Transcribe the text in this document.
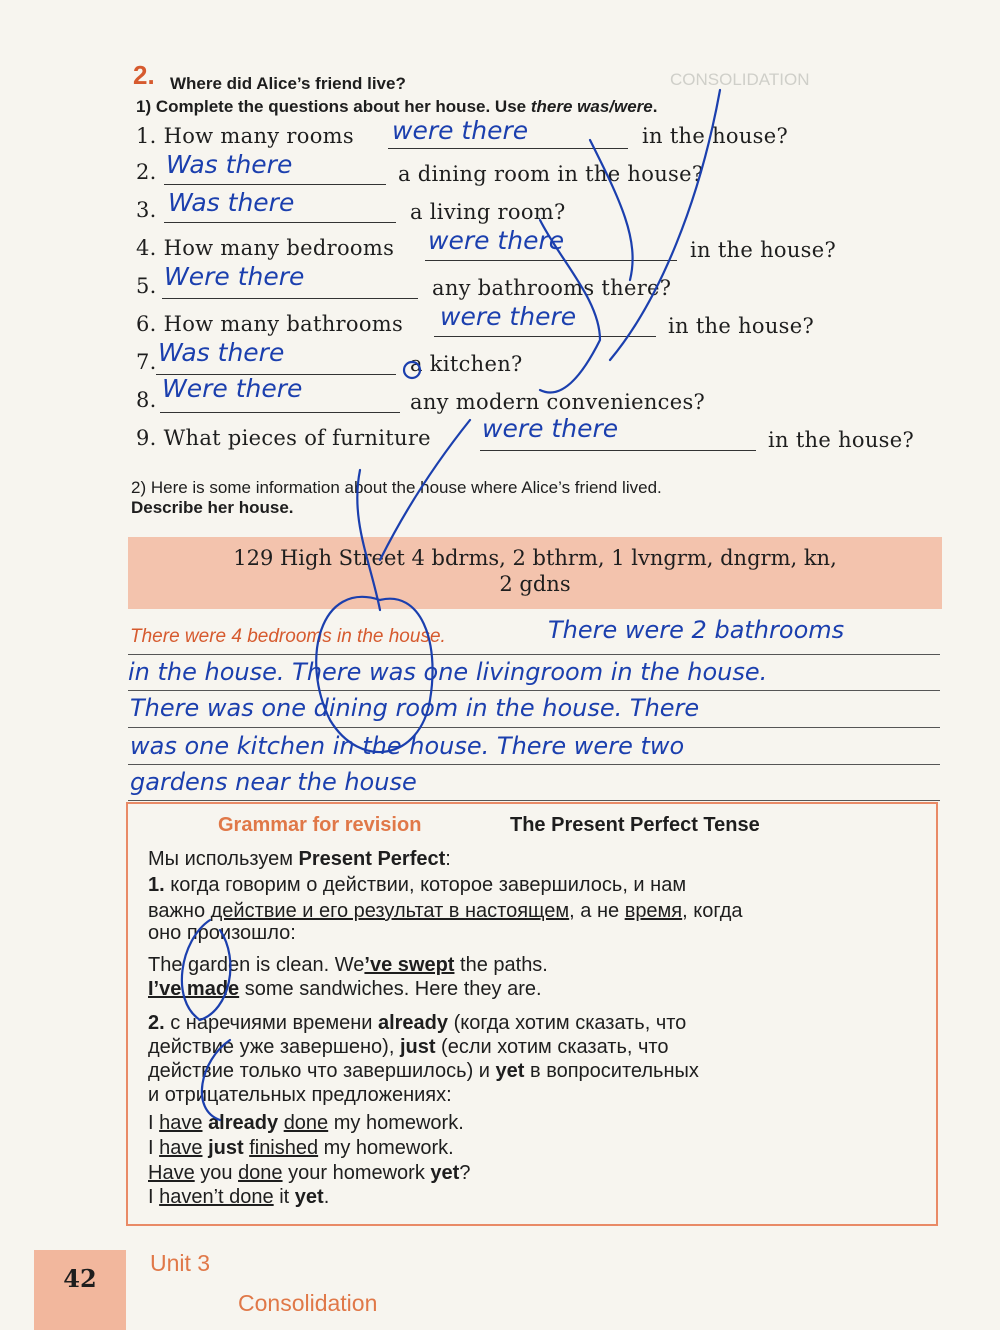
CONSOLIDATION
2. Where did Alice’s friend live?
1) Complete the questions about her house. Use there was/were.
1. How many rooms were there	in the house?
2. Was there	a dining room in the house?
3. Was there	a living room?
4. How many bedrooms were there	in the house?
5. Were there	any bathrooms there?
6. How many bathrooms were there	in the house?
7. Was there	a kitchen?
8. Were there	any modern conveniences?
9. What pieces of furniture were there	in the house?
2) Here is some information about the house where Alice’s friend lived.
Describe her house.
129 High Street 4 bdrms, 2 bthrm, 1 lvngrm, dngrm, kn,
2 gdns
There were 4 bedrooms in the house.	There were 2 bathrooms
in the house. There was one livingroom in the house.
There was one dining room in the house. There
was one kitchen in the house. There were two
gardens near the house
Grammar for revision	The Present Perfect Tense
Мы используем Present Perfect:
1. когда говорим о действии, которое завершилось, и нам
важно действие и его результат в настоящем, а не время, когда
оно произошло:
The garden is clean. We’ve swept the paths.
I’ve made some sandwiches. Here they are.
2. с наречиями времени already (когда хотим сказать, что
действие уже завершено), just (если хотим сказать, что
действие только что завершилось) и yet в вопросительных
и отрицательных предложениях:
I have already done my homework.
I have just finished my homework.
Have you done your homework yet?
I haven’t done it yet.
42
Unit 3
Consolidation
